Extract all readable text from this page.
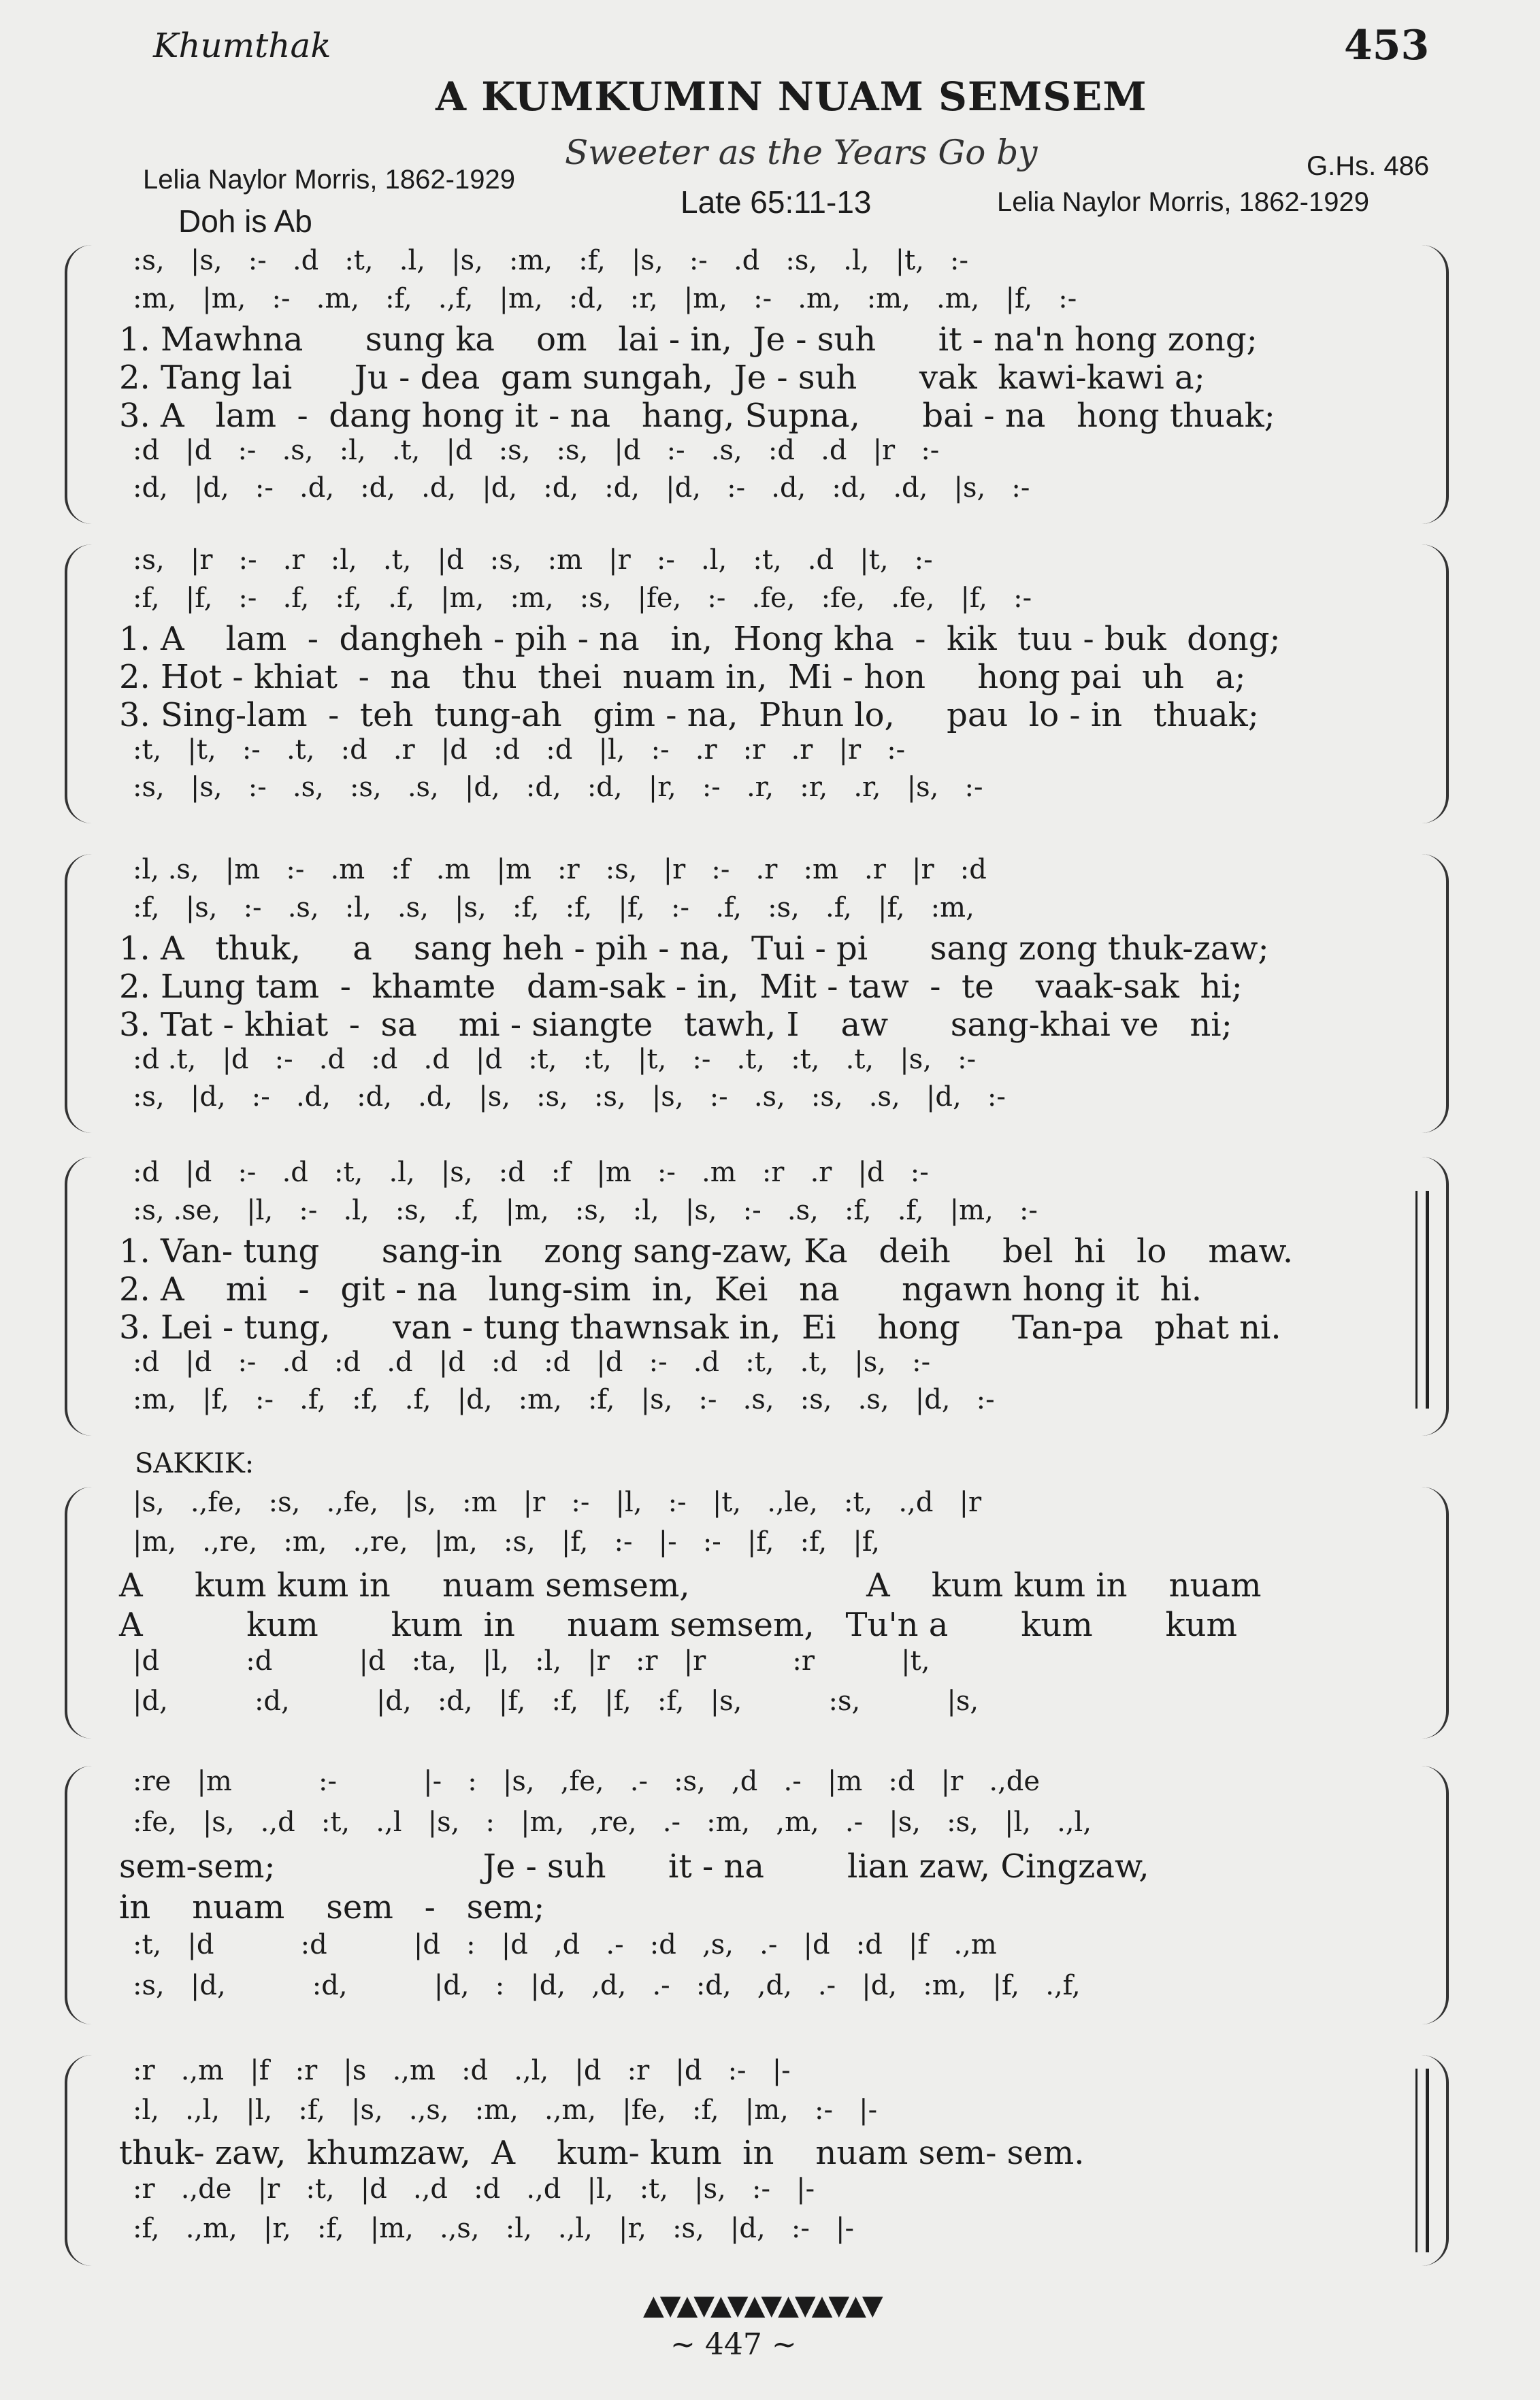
Khumthak	453
A KUMKUMIN NUAM SEMSEM
Sweeter as the Years Go by
Lelia Naylor Morris, 1862-1929	G.Hs. 486
Doh is Ab
Late 65:11-13	Lelia Naylor Morris, 1862-1929
:s,   |s,   :-   .d   :t,   .l,   |s,   :m,   :f,   |s,   :-   .d   :s,   .l,   |t,   :-
:m,   |m,   :-   .m,   :f,   .,f,   |m,   :d,   :r,   |m,   :-   .m,   :m,   .m,   |f,   :-
1. Mawhna      sung ka    om   lai - in,  Je - suh      it - na'n hong zong;
2. Tang lai      Ju - dea  gam sungah,  Je - suh      vak  kawi-kawi a;
3. A   lam  -  dang hong it - na   hang, Supna,      bai - na   hong thuak;
:d   |d   :-   .s,   :l,   .t,   |d   :s,   :s,   |d   :-   .s,   :d   .d   |r   :-
:d,   |d,   :-   .d,   :d,   .d,   |d,   :d,   :d,   |d,   :-   .d,   :d,   .d,   |s,   :-
:s,   |r   :-   .r   :l,   .t,   |d   :s,   :m   |r   :-   .l,   :t,   .d   |t,   :-
:f,   |f,   :-   .f,   :f,   .f,   |m,   :m,   :s,   |fe,   :-   .fe,   :fe,   .fe,   |f,   :-
1. A    lam  -  dangheh - pih - na   in,  Hong kha  -  kik  tuu - buk  dong;
2. Hot - khiat  -  na   thu  thei  nuam in,  Mi - hon     hong pai  uh   a;
3. Sing-lam  -  teh  tung-ah   gim - na,  Phun lo,     pau  lo - in   thuak;
:t,   |t,   :-   .t,   :d   .r   |d   :d   :d   |l,   :-   .r   :r   .r   |r   :-
:s,   |s,   :-   .s,   :s,   .s,   |d,   :d,   :d,   |r,   :-   .r,   :r,   .r,   |s,   :-
:l, .s,   |m   :-   .m   :f   .m   |m   :r   :s,   |r   :-   .r   :m   .r   |r   :d
:f,   |s,   :-   .s,   :l,   .s,   |s,   :f,   :f,   |f,   :-   .f,   :s,   .f,   |f,   :m,
1. A   thuk,     a    sang heh - pih - na,  Tui - pi      sang zong thuk-zaw;
2. Lung tam  -  khamte   dam-sak - in,  Mit - taw  -  te    vaak-sak  hi;
3. Tat - khiat  -  sa    mi - siangte   tawh, I    aw      sang-khai ve   ni;
:d .t,   |d   :-   .d   :d   .d   |d   :t,   :t,   |t,   :-   .t,   :t,   .t,   |s,   :-
:s,   |d,   :-   .d,   :d,   .d,   |s,   :s,   :s,   |s,   :-   .s,   :s,   .s,   |d,   :-
:d   |d   :-   .d   :t,   .l,   |s,   :d   :f   |m   :-   .m   :r   .r   |d   :-
:s, .se,   |l,   :-   .l,   :s,   .f,   |m,   :s,   :l,   |s,   :-   .s,   :f,   .f,   |m,   :-
1. Van- tung      sang-in    zong sang-zaw, Ka   deih     bel  hi   lo    maw.
2. A    mi   -   git - na   lung-sim  in,  Kei   na      ngawn hong it  hi.
3. Lei - tung,      van - tung thawnsak in,  Ei    hong     Tan-pa   phat ni.
:d   |d   :-   .d   :d   .d   |d   :d   :d   |d   :-   .d   :t,   .t,   |s,   :-
:m,   |f,   :-   .f,   :f,   .f,   |d,   :m,   :f,   |s,   :-   .s,   :s,   .s,   |d,   :-
|s,   .,fe,   :s,   .,fe,   |s,   :m   |r   :-   |l,   :-   |t,   .,le,   :t,   .,d   |r
|m,   .,re,   :m,   .,re,   |m,   :s,   |f,   :-   |-   :-   |f,   :f,   |f,
A     kum kum in     nuam semsem,                 A    kum kum in    nuam
A          kum       kum  in     nuam semsem,   Tu'n a       kum       kum
|d          :d          |d   :ta,   |l,   :l,   |r   :r   |r          :r          |t,
|d,          :d,          |d,   :d,   |f,   :f,   |f,   :f,   |s,          :s,          |s,
:re   |m          :-          |-   :   |s,   ,fe,   .-   :s,   ,d   .-   |m   :d   |r   .,de
:fe,   |s,   .,d   :t,   .,l   |s,   :   |m,   ,re,   .-   :m,   ,m,   .-   |s,   :s,   |l,   .,l,
sem-sem;                    Je - suh      it - na        lian zaw, Cingzaw,
in    nuam    sem   -   sem;
:t,   |d          :d          |d   :   |d   ,d   .-   :d   ,s,   .-   |d   :d   |f   .,m
:s,   |d,          :d,          |d,   :   |d,   ,d,   .-   :d,   ,d,   .-   |d,   :m,   |f,   .,f,
:r   .,m   |f   :r   |s   .,m   :d   .,l,   |d   :r   |d   :-   |-
:l,   .,l,   |l,   :f,   |s,   .,s,   :m,   .,m,   |fe,   :f,   |m,   :-   |-
thuk- zaw,  khumzaw,  A    kum- kum  in    nuam sem- sem.
:r   .,de   |r   :t,   |d   .,d   :d   .,d   |l,   :t,   |s,   :-   |-
:f,   .,m,   |r,   :f,   |m,   .,s,   :l,   .,l,   |r,   :s,   |d,   :-   |-
SAKKIK:
▲▼▲▼▲▼▲▼▲▼▲▼▲▼
~ 447 ~
